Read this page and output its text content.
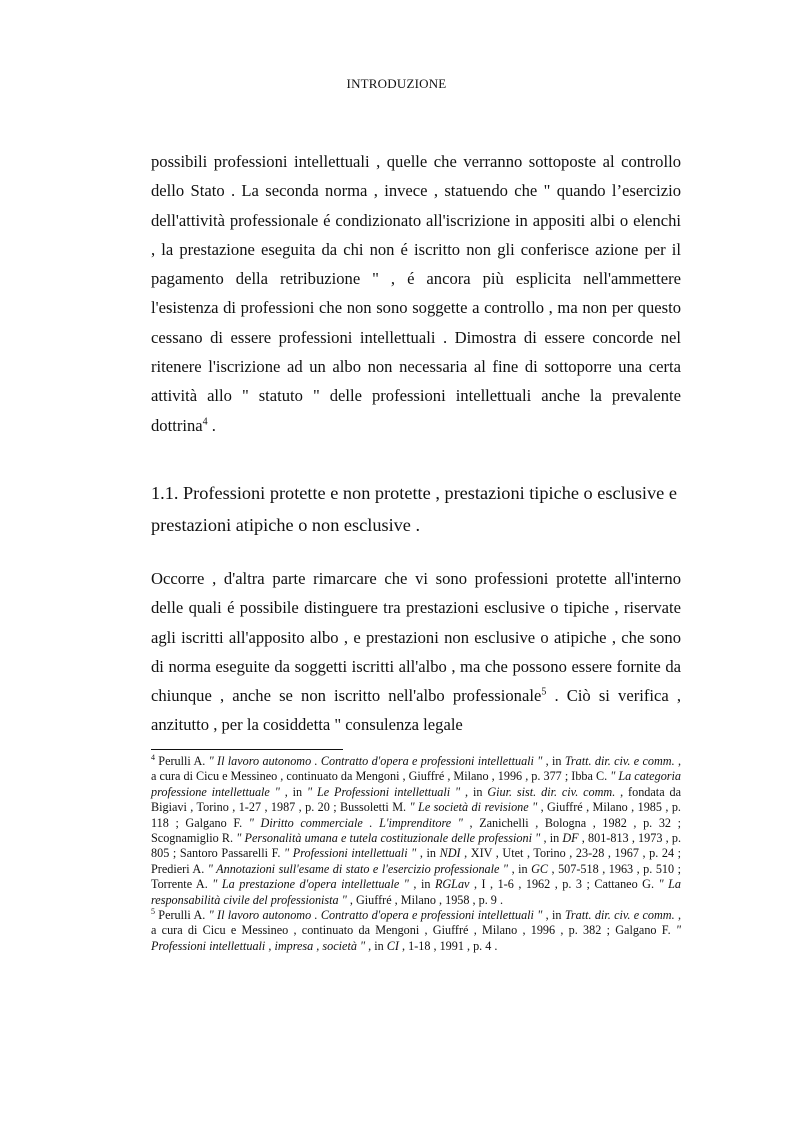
INTRODUZIONE

possibili professioni intellettuali , quelle che verranno sottoposte al controllo dello Stato . La seconda norma , invece , statuendo che " quando l’esercizio dell'attività professionale é condizionato all'iscrizione in appositi albi o elenchi , la prestazione eseguita da chi non é iscritto non gli conferisce azione per il pagamento della retribuzione " , é ancora più esplicita nell'ammettere l'esistenza di professioni che non sono soggette a controllo , ma non per questo cessano di essere professioni intellettuali . Dimostra di essere concorde nel ritenere l'iscrizione ad un albo non necessaria al fine di sottoporre una certa attività allo " statuto " delle professioni intellettuali anche la prevalente dottrina$^4$ .

1.1. Professioni protette e non protette , prestazioni tipiche o esclusive e prestazioni atipiche o non esclusive .

Occorre , d'altra parte rimarcare che vi sono professioni protette all'interno delle quali é possibile distinguere tra prestazioni esclusive o tipiche , riservate agli iscritti all'apposito albo , e prestazioni non esclusive o atipiche , che sono di norma eseguite da soggetti iscritti all'albo , ma che possono essere fornite da chiunque , anche se non iscritto nell'albo professionale$^5$ . Ciò si verifica , anzitutto , per la cosiddetta " consulenza legale

$^4$ Perulli A. " Il lavoro autonomo . Contratto d'opera e professioni intellettuali " , in Tratt. dir. civ. e comm. , a cura di Cicu e Messineo , continuato da Mengoni , Giuffré , Milano , 1996 , p. 377 ; Ibba C. " La categoria professione intellettuale " , in " Le Professioni intellettuali " , in Giur. sist. dir. civ. comm. , fondata da Bigiavi , Torino , 1-27 , 1987 , p. 20 ; Bussoletti M. " Le società di revisione " , Giuffré , Milano , 1985 , p. 118 ; Galgano F. " Diritto commerciale . L'imprenditore " , Zanichelli , Bologna , 1982 , p. 32 ; Scognamiglio R. " Personalità umana e tutela costituzionale delle professioni " , in DF , 801-813 , 1973 , p. 805 ; Santoro Passarelli F. " Professioni intellettuali " , in NDI , XIV , Utet , Torino , 23-28 , 1967 , p. 24 ; Predieri A. " Annotazioni sull'esame di stato e l'esercizio professionale " , in GC , 507-518 , 1963 , p. 510 ; Torrente A. " La prestazione d'opera intellettuale " , in RGLav , I , 1-6 , 1962 , p. 3 ; Cattaneo G. " La responsabilità civile del professionista " , Giuffré , Milano , 1958 , p. 9 .

$^5$ Perulli A. " Il lavoro autonomo . Contratto d'opera e professioni intellettuali " , in Tratt. dir. civ. e comm. , a cura di Cicu e Messineo , continuato da Mengoni , Giuffré , Milano , 1996 , p. 382 ; Galgano F. " Professioni intellettuali , impresa , società " , in CI , 1-18 , 1991 , p. 4 .
